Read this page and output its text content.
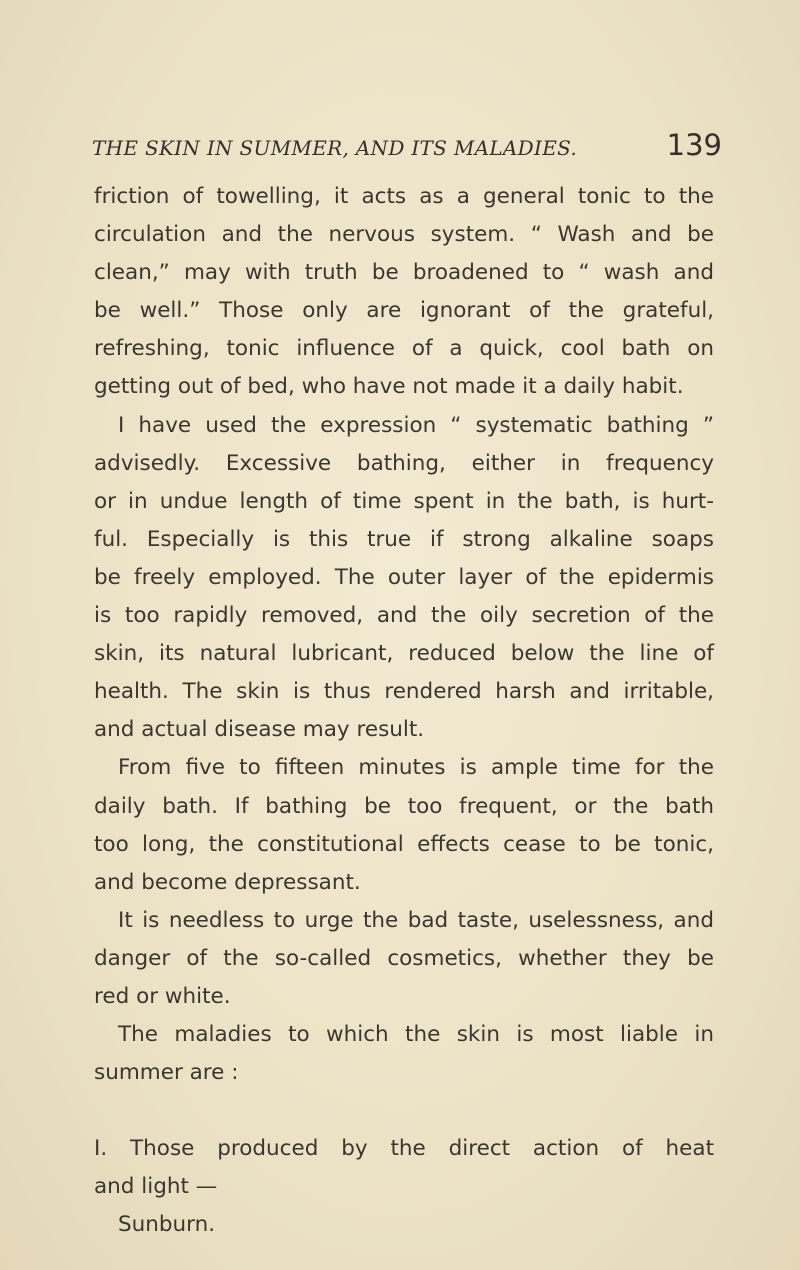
THE SKIN IN SUMMER, AND ITS MALADIES.	139
friction of towelling, it acts as a general tonic to the
circulation and the nervous system. “ Wash and be
clean,” may with truth be broadened to “ wash and
be well.” Those only are ignorant of the grateful,
refreshing, tonic influence of a quick, cool bath on
getting out of bed, who have not made it a daily habit.
I have used the expression “ systematic bathing ”
advisedly. Excessive bathing, either in frequency
or in undue length of time spent in the bath, is hurt-
ful. Especially is this true if strong alkaline soaps
be freely employed. The outer layer of the epidermis
is too rapidly removed, and the oily secretion of the
skin, its natural lubricant, reduced below the line of
health. The skin is thus rendered harsh and irritable,
and actual disease may result.
From five to fifteen minutes is ample time for the
daily bath. If bathing be too frequent, or the bath
too long, the constitutional effects cease to be tonic,
and become depressant.
It is needless to urge the bad taste, uselessness, and
danger of the so-called cosmetics, whether they be
red or white.
The maladies to which the skin is most liable in
summer are :
I. Those produced by the direct action of heat
and light —
Sunburn.
